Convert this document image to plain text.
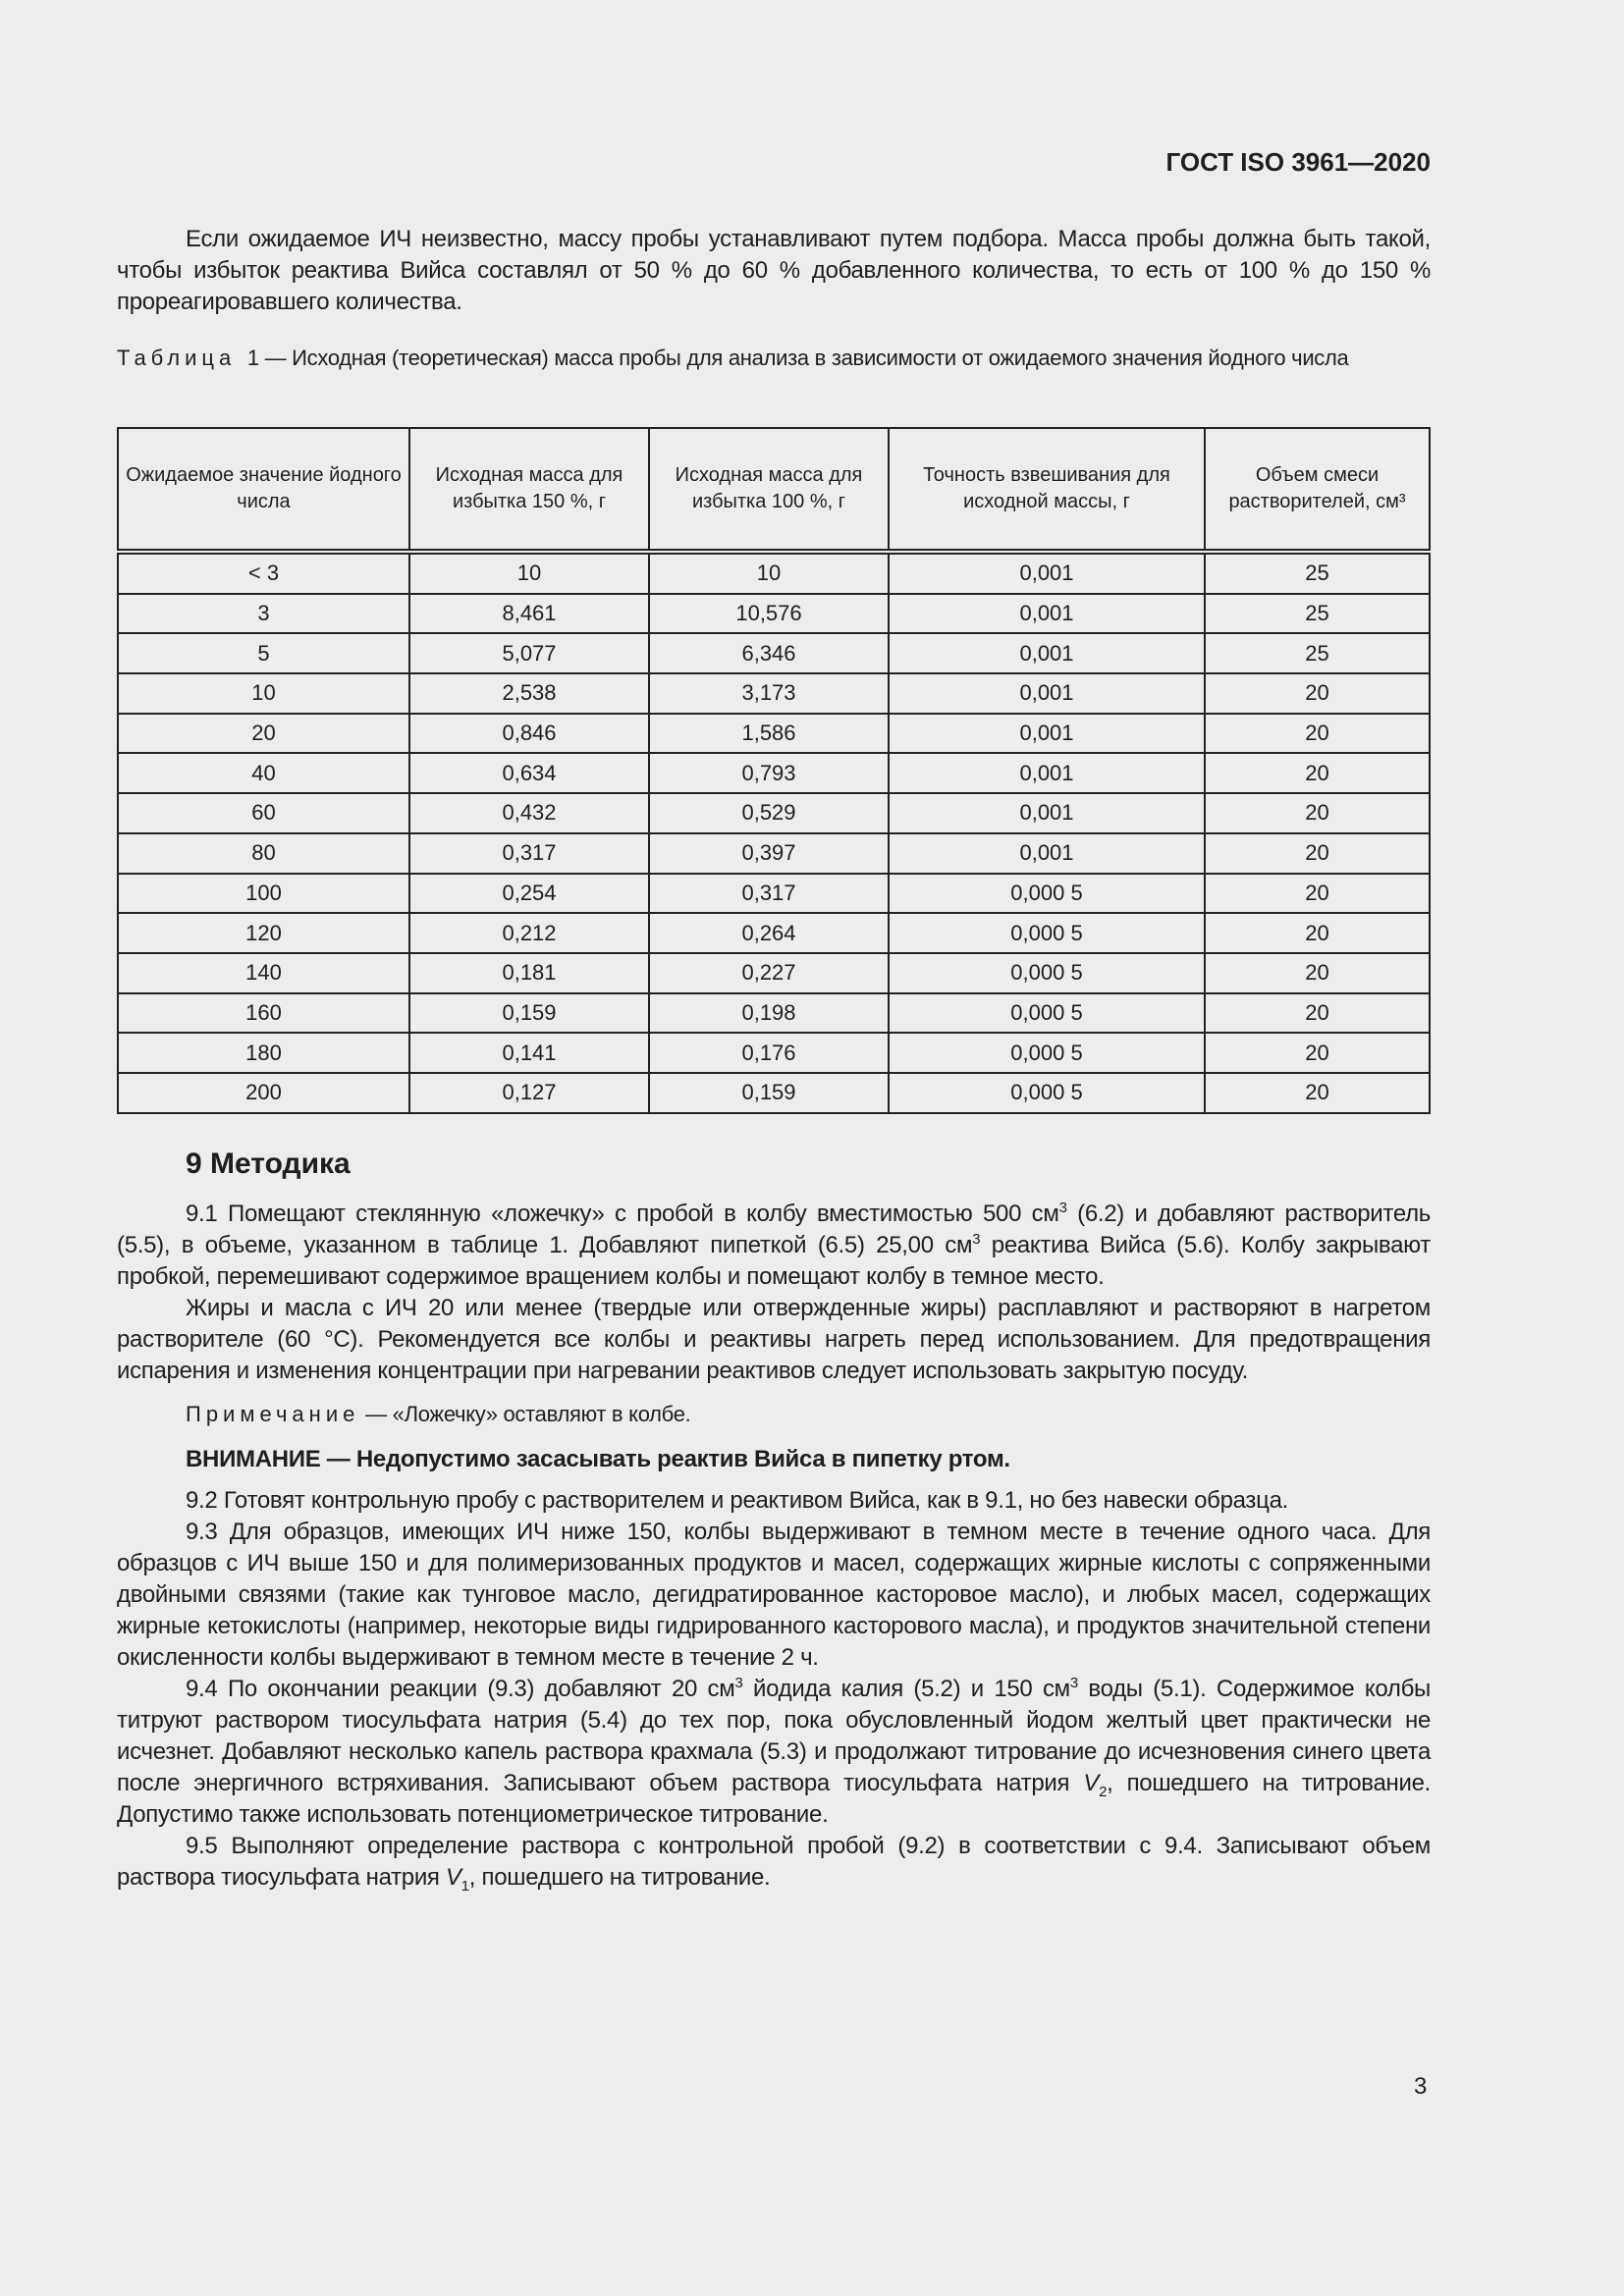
ГОСТ ISO 3961—2020

Если ожидаемое ИЧ неизвестно, массу пробы устанавливают путем подбора. Масса пробы должна быть такой, чтобы избыток реактива Вийса составлял от 50 % до 60 % добавленного количества, то есть от 100 % до 150 % прореагировавшего количества.

Таблица 1 — Исходная (теоретическая) масса пробы для анализа в зависимости от ожидаемого значения йодного числа

Ожидаемое значение йодного числа	Исходная масса для избытка 150 %, г	Исходная масса для избытка 100 %, г	Точность взвешивания для исходной массы, г	Объем смеси растворителей, см³
< 3	10	10	0,001	25
3	8,461	10,576	0,001	25
5	5,077	6,346	0,001	25
10	2,538	3,173	0,001	20
20	0,846	1,586	0,001	20
40	0,634	0,793	0,001	20
60	0,432	0,529	0,001	20
80	0,317	0,397	0,001	20
100	0,254	0,317	0,000 5	20
120	0,212	0,264	0,000 5	20
140	0,181	0,227	0,000 5	20
160	0,159	0,198	0,000 5	20
180	0,141	0,176	0,000 5	20
200	0,127	0,159	0,000 5	20
9 Методика

9.1 Помещают стеклянную «ложечку» с пробой в колбу вместимостью 500 $см^3$ (6.2) и добавляют растворитель (5.5), в объеме, указанном в таблице 1. Добавляют пипеткой (6.5) 25,00 $см^3$ реактива Вийса (5.6). Колбу закрывают пробкой, перемешивают содержимое вращением колбы и помещают колбу в темное место.

Жиры и масла с ИЧ 20 или менее (твердые или отвержденные жиры) расплавляют и растворяют в нагретом растворителе (60 °С). Рекомендуется все колбы и реактивы нагреть перед использованием. Для предотвращения испарения и изменения концентрации при нагревании реактивов следует использовать закрытую посуду.

Примечание — «Ложечку» оставляют в колбе.

ВНИМАНИЕ — Недопустимо засасывать реактив Вийса в пипетку ртом.

9.2 Готовят контрольную пробу с растворителем и реактивом Вийса, как в 9.1, но без навески образца.

9.3 Для образцов, имеющих ИЧ ниже 150, колбы выдерживают в темном месте в течение одного часа. Для образцов с ИЧ выше 150 и для полимеризованных продуктов и масел, содержащих жирные кислоты с сопряженными двойными связями (такие как тунговое масло, дегидратированное касторовое масло), и любых масел, содержащих жирные кетокислоты (например, некоторые виды гидрированного касторового масла), и продуктов значительной степени окисленности колбы выдерживают в темном месте в течение 2 ч.

9.4 По окончании реакции (9.3) добавляют 20 $см^3$ йодида калия (5.2) и 150 $см^3$ воды (5.1). Содержимое колбы титруют раствором тиосульфата натрия (5.4) до тех пор, пока обусловленный йодом желтый цвет практически не исчезнет. Добавляют несколько капель раствора крахмала (5.3) и продолжают титрование до исчезновения синего цвета после энергичного встряхивания. Записывают объем раствора тиосульфата натрия $V_2$, пошедшего на титрование. Допустимо также использовать потенциометрическое титрование.

9.5 Выполняют определение раствора с контрольной пробой (9.2) в соответствии с 9.4. Записывают объем раствора тиосульфата натрия $V_1$, пошедшего на титрование.

3
